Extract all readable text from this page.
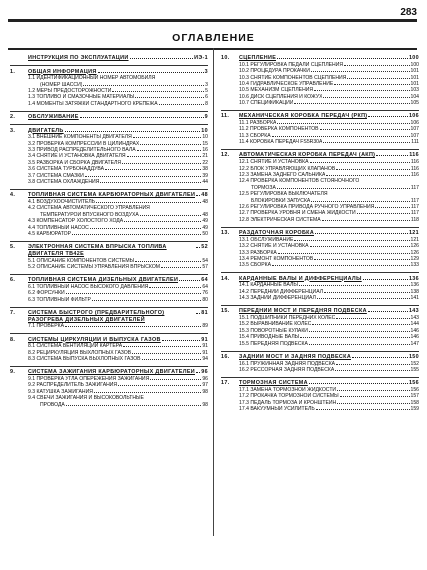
283
ОГЛАВЛЕНИЕ
ИНСТРУКЦИЯ ПО ЭКСПЛУАТАЦИИ	ИЭ-1
1.	ОБЩАЯ ИНФОРМАЦИЯ	3
1.1 ИДЕНТИФИКАЦИОННЫЙ НОМЕР АВТОМОБИЛЯ
(НОМЕР ШАССИ)	3
1.2 МЕРЫ ПРЕДОСТОРОЖНОСТИ	5
1.3 ТОПЛИВО И СМАЗОЧНЫЕ МАТЕРИАЛЫ	6
1.4 МОМЕНТЫ ЗАТЯЖКИ СТАНДАРТНОГО КРЕПЕЖА	8
2.	ОБСЛУЖИВАНИЕ	9
3.	ДВИГАТЕЛЬ	10
3.1 ВНЕШНИЕ КОМПОНЕНТЫ ДВИГАТЕЛЯ	10
3.2 ПРОВЕРКА КОМПРЕССИИ В ЦИЛИНДРАХ	15
3.3 ПРИВОД РАСПРЕДЕЛИТЕЛЬНОГО ВАЛА	16
3.4 СНЯТИЕ И УСТАНОВКА ДВИГАТЕЛЯ	21
3.5 РАЗБОРКА И СБОРКА ДВИГАТЕЛЯ	22
3.6 СИСТЕМА ТУРБОНАДДУВА	38
3.7 СИСТЕМА СМАЗКИ	39
3.8 СИСТЕМА ОХЛАЖДЕНИЯ	44
4.	ТОПЛИВНАЯ СИСТЕМА КАРБЮРАТОРНЫХ ДВИГАТЕЛЕЙ 48
4.1 ВОЗДУХООЧИСТИТЕЛЬ	48
4.2 СИСТЕМА АВТОМАТИЧЕСКОГО УПРАВЛЕНИЯ
ТЕМПЕРАТУРОЙ ВПУСКНОГО ВОЗДУХА	48
4.3 КОМПЕНСАТОР ХОЛОСТОГО ХОДА	49
4.4 ТОПЛИВНЫЙ НАСОС	49
4.5 КАРБЮРАТОР	50
5.	ЭЛЕКТРОННАЯ СИСТЕМА ВПРЫСКА ТОПЛИВА ДВИГАТЕЛЯ TB42E
52
5.1 ОПИСАНИЕ КОМПОНЕНТОВ СИСТЕМЫ	54
5.2 ОПИСАНИЕ СИСТЕМЫ УПРАВЛЕНИЯ ВПРЫСКОМ	57
6.	ТОПЛИВНАЯ СИСТЕМА ДИЗЕЛЬНЫХ ДВИГАТЕЛЕЙ	64
6.1 ТОПЛИВНЫЙ НАСОС ВЫСОКОГО ДАВЛЕНИЯ	64
6.2 ФОРСУНКИ	76
6.3 ТОПЛИВНЫЙ ФИЛЬТР	80
7.	СИСТЕМА БЫСТРОГО (ПРЕДВАРИТЕЛЬНОГО) РАЗОГРЕВА ДИЗЕЛЬНЫХ ДВИГАТЕЛЕЙ
81
7.1 ПРОВЕРКА	89
8.	СИСТЕМЫ ЦИРКУЛЯЦИИ И ВЫПУСКА ГАЗОВ	91
8.1 СИСТЕМА ВЕНТИЛЯЦИИ КАРТЕРА	91
8.2 РЕЦИРКУЛЯЦИЯ ВЫХЛОПНЫХ ГАЗОВ	91
8.3 СИСТЕМА ВЫПУСКА ВЫХЛОПНЫХ ГАЗОВ	94
9.	СИСТЕМА ЗАЖИГАНИЯ КАРБЮРАТОРНЫХ ДВИГАТЕЛЕЙ 96
9.1 ПРОВЕРКА УГЛА ОПЕРЕЖЕНИЯ ЗАЖИГАНИЯ	96
9.2 РАСПРЕДЕЛИТЕЛЬ ЗАЖИГАНИЯ	97
9.3 КАТУШКА ЗАЖИГАНИЯ	98
9.4 СВЕЧИ ЗАЖИГАНИЯ И ВЫСОКОВОЛЬТНЫЕ
ПРОВОДА	98
10.	СЦЕПЛЕНИЕ	100
10.1 РЕГУЛИРОВКА ПЕДАЛИ СЦЕПЛЕНИЯ	100
10.2 ПРОЦЕДУРА ПРОКАЧКИ	101
10.3 СНЯТИЕ КОМПОНЕНТОВ СЦЕПЛЕНИЯ	101
10.4 ГИДРАВЛИЧЕСКОЕ УПРАВЛЕНИЕ	101
10.5 МЕХАНИЗМ СЦЕПЛЕНИЯ	103
10.6 ДИСК СЦЕПЛЕНИЯ И КОЖУХ	104
10.7 СПЕЦИФИКАЦИИ	105
11.	МЕХАНИЧЕСКАЯ КОРОБКА ПЕРЕДАЧ (РКП)	106
11.1 РАЗБОРКА	106
11.2 ПРОВЕРКА КОМПОНЕНТОВ	107
11.3 СБОРКА	107
11.4 КОРОБКА ПЕРЕДАЧ FS5R30A	111
12.	АВТОМАТИЧЕСКАЯ КОРОБКА ПЕРЕДАЧ (АКП)	116
12.1 СНЯТИЕ И УСТАНОВКА	116
12.2 БЛОК УПРАВЛЯЮЩИХ КЛАПАНОВ	116
12.3 ЗАМЕНА ЗАДНЕГО САЛЬНИКА	116
12.4 ПРОВЕРКА КОМПОНЕНТОВ СТОЯНОЧНОГО
ТОРМОЗА	117
12.5 РЕГУЛИРОВКА ВЫКЛЮЧАТЕЛЯ
БЛОКИРОВКИ ЗАПУСКА	117
12.6 РЕГУЛИРОВКА ПРИВОДА РУЧНОГО УПРАВЛЕНИЯ	117
12.7 ПРОВЕРКА УРОВНЯ И СМЕНА ЖИДКОСТИ	117
12.8 ЭЛЕКТРИЧЕСКАЯ СИСТЕМА	118
13.	РАЗДАТОЧНАЯ КОРОБКА	121
13.1 ОБСЛУЖИВАНИЕ	121
13.2 СНЯТИЕ И УСТАНОВКА	126
13.3 РАЗБОРКА	126
13.4 РЕМОНТ КОМПОНЕНТОВ	129
13.5 СБОРКА	133
14.	КАРДАННЫЕ ВАЛЫ И ДИФФЕРЕНЦИАЛЫ	136
14.1 КАРДАННЫЕ ВАЛЫ	136
14.2 ПЕРЕДНИЙ ДИФФЕРЕНЦИАЛ	138
14.3 ЗАДНИЙ ДИФФЕРЕНЦИАЛ	141
15.	ПЕРЕДНИЙ МОСТ И ПЕРЕДНЯЯ ПОДВЕСКА	143
15.1 ПОДШИПНИКИ ПЕРЕДНИХ КОЛЕС	143
15.2 ВЫРАВНИВАНИЕ КОЛЕС	144
15.3 ПОВОРОТНЫЕ КУЛАКИ	146
15.4 ПРИВОДНЫЕ ВАЛЫ	146
15.5 ПЕРЕДНЯЯ ПОДВЕСКА	147
16.	ЗАДНИЙ МОСТ И ЗАДНЯЯ ПОДВЕСКА	150
16.1 ПРУЖИННАЯ ЗАДНЯЯ ПОДВЕСКА	152
16.2 РЕССОРНАЯ ЗАДНЯЯ ПОДВЕСКА	155
17.	ТОРМОЗНАЯ СИСТЕМА	156
17.1 ЗАМЕНА ТОРМОЗНОЙ ЖИДКОСТИ	156
17.2 ПРОКАЧКА ТОРМОЗНОЙ СИСТЕМЫ	157
17.3 ПЕДАЛЬ ТОРМОЗА И КРОНШТЕЙН	158
17.4 ВАКУУМНЫЙ УСИЛИТЕЛЬ	159
